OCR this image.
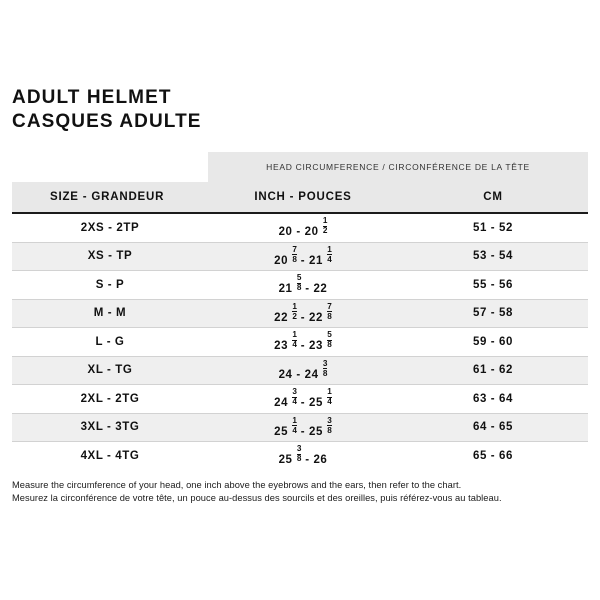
ADULT HELMET
CASQUES ADULTE
	HEAD CIRCUMFERENCE / CIRCONFÉRENCE DE LA TÊTE	
SIZE - GRANDEUR	INCH - POUCES	CM
2XS - 2TP	$20 - 20 \frac{1}{2}$	51 - 52
XS - TP	$20 \frac{7}{8} - 21 \frac{1}{4}$	53 - 54
S - P	$21 \frac{5}{8} - 22$	55 - 56
M - M	$22 \frac{1}{2} - 22 \frac{7}{8}$	57 - 58
L - G	$23 \frac{1}{4} - 23 \frac{5}{8}$	59 - 60
XL - TG	$24 - 24 \frac{3}{8}$	61 - 62
2XL - 2TG	$24 \frac{3}{4} - 25 \frac{1}{4}$	63 - 64
3XL - 3TG	$25 \frac{1}{4} - 25 \frac{3}{8}$	64 - 65
4XL - 4TG	$25 \frac{3}{8} - 26$	65 - 66
Measure the circumference of your head, one inch above the eyebrows and the ears, then refer to the chart.
Mesurez la circonférence de votre tête, un pouce au-dessus des sourcils et des oreilles, puis référez-vous au tableau.
